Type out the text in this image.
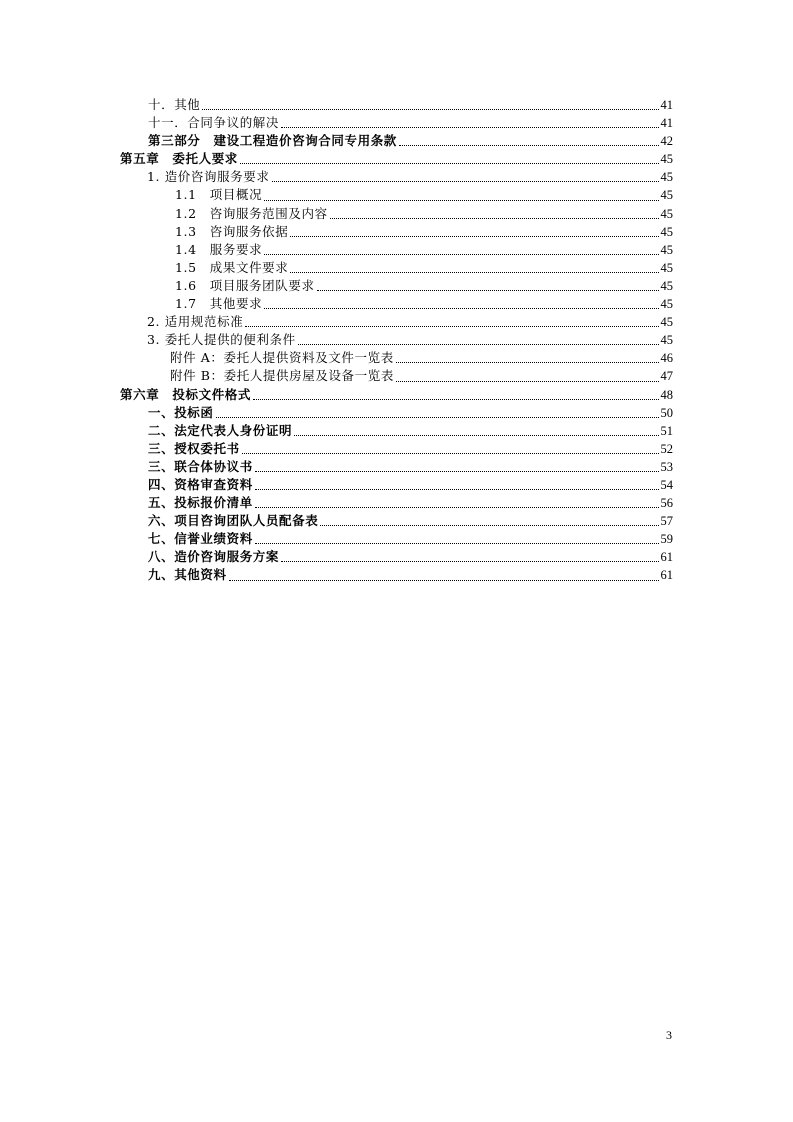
十．其他	41
十一．合同争议的解决	41
第三部分　建设工程造价咨询合同专用条款	42
第五章　委托人要求	45
1. 造价咨询服务要求	45
1.1　项目概况	45
1.2　咨询服务范围及内容	45
1.3　咨询服务依据	45
1.4　服务要求	45
1.5　成果文件要求	45
1.6　项目服务团队要求	45
1.7　其他要求	45
2. 适用规范标准	45
3. 委托人提供的便利条件	45
附件 A：委托人提供资料及文件一览表	46
附件 B：委托人提供房屋及设备一览表	47
第六章　投标文件格式	48
一、投标函	50
二、法定代表人身份证明	51
三、授权委托书	52
三、联合体协议书	53
四、资格审查资料	54
五、投标报价清单	56
六、项目咨询团队人员配备表	57
七、信誉业绩资料	59
八、造价咨询服务方案	61
九、其他资料	61
3
